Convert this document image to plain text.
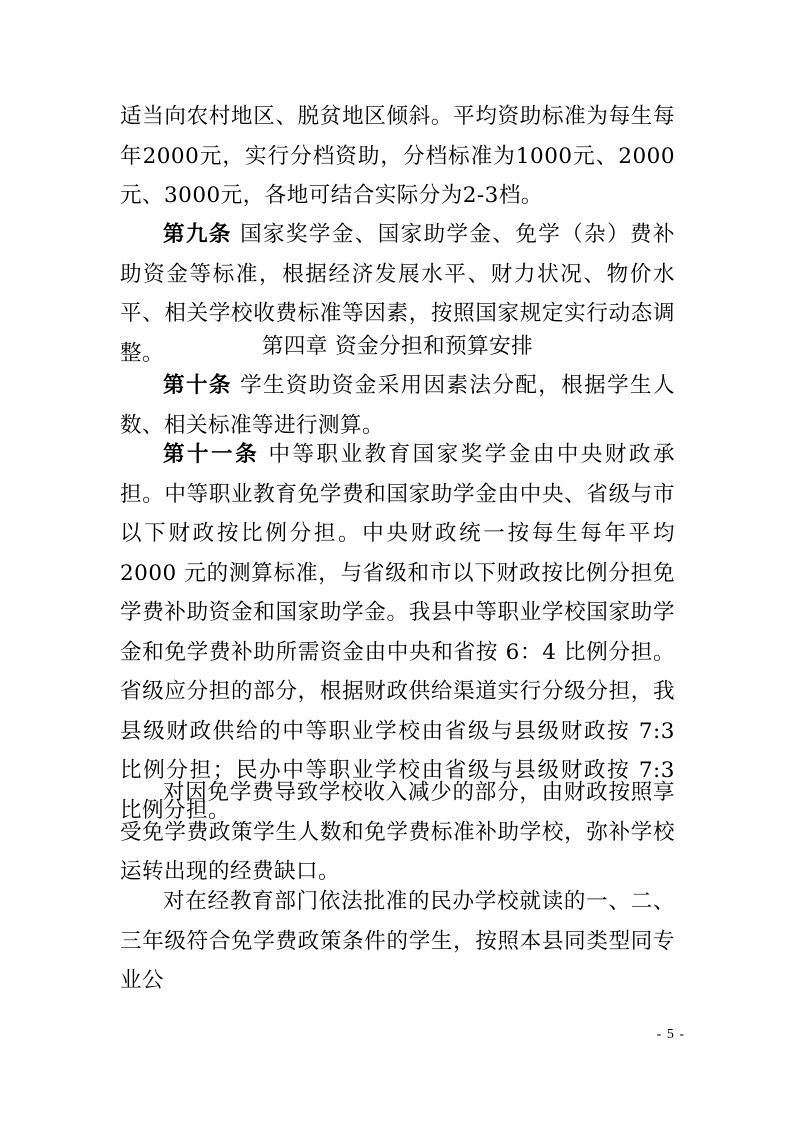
适当向农村地区、脱贫地区倾斜。平均资助标准为每生每年2000元，实行分档资助，分档标准为1000元、2000元、3000元，各地可结合实际分为2-3档。

第九条 国家奖学金、国家助学金、免学（杂）费补助资金等标准，根据经济发展水平、财力状况、物价水平、相关学校收费标准等因素，按照国家规定实行动态调整。	第四章 资金分担和预算安排

第十条 学生资助资金采用因素法分配，根据学生人数、相关标准等进行测算。

第十一条 中等职业教育国家奖学金由中央财政承担。中等职业教育免学费和国家助学金由中央、省级与市以下财政按比例分担。中央财政统一按每生每年平均 2000 元的测算标准，与省级和市以下财政按比例分担免学费补助资金和国家助学金。我县中等职业学校国家助学金和免学费补助所需资金由中央和省按 6：4 比例分担。省级应分担的部分，根据财政供给渠道实行分级分担，我县级财政供给的中等职业学校由省级与县级财政按 7:3 比例分担；民办中等职业学校由省级与县级财政按 7:3 比例分担。

对因免学费导致学校收入减少的部分，由财政按照享受免学费政策学生人数和免学费标准补助学校，弥补学校运转出现的经费缺口。

对在经教育部门依法批准的民办学校就读的一、二、三年级符合免学费政策条件的学生，按照本县同类型同专业公

- 5 -
